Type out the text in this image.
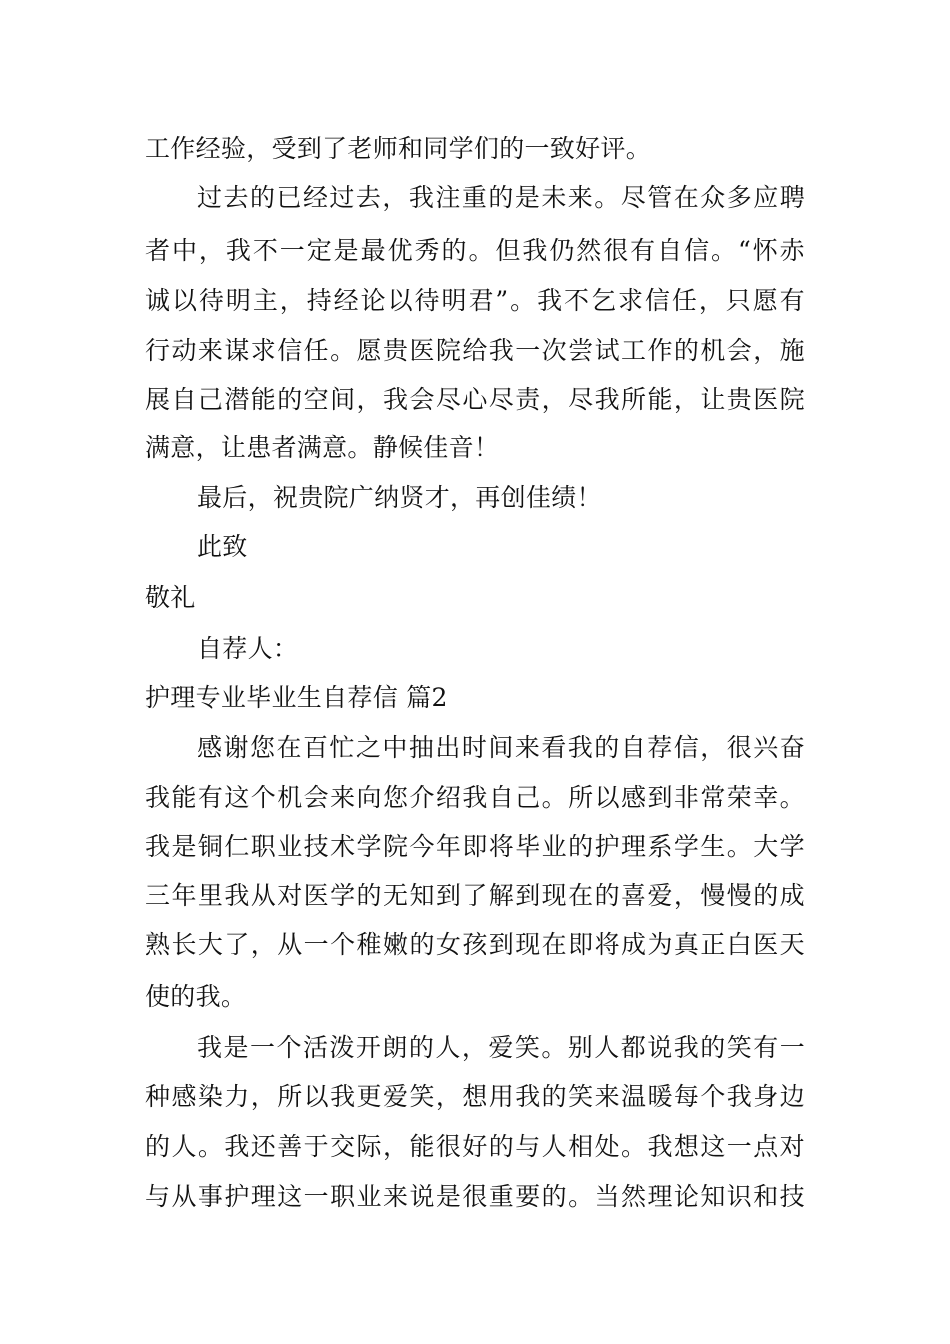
工作经验，受到了老师和同学们的一致好评。
过去的已经过去，我注重的是未来。尽管在众多应聘
者中，我不一定是最优秀的。但我仍然很有自信。“怀赤
诚以待明主，持经论以待明君”。我不乞求信任，只愿有
行动来谋求信任。愿贵医院给我一次尝试工作的机会，施
展自己潜能的空间，我会尽心尽责，尽我所能，让贵医院
满意，让患者满意。静候佳音！
最后，祝贵院广纳贤才，再创佳绩！
此致
敬礼
自荐人：
护理专业毕业生自荐信 篇2
感谢您在百忙之中抽出时间来看我的自荐信，很兴奋
我能有这个机会来向您介绍我自己。所以感到非常荣幸。
我是铜仁职业技术学院今年即将毕业的护理系学生。大学
三年里我从对医学的无知到了解到现在的喜爱，慢慢的成
熟长大了，从一个稚嫩的女孩到现在即将成为真正白医天
使的我。
我是一个活泼开朗的人，爱笑。别人都说我的笑有一
种感染力，所以我更爱笑，想用我的笑来温暖每个我身边
的人。我还善于交际，能很好的与人相处。我想这一点对
与从事护理这一职业来说是很重要的。当然理论知识和技
